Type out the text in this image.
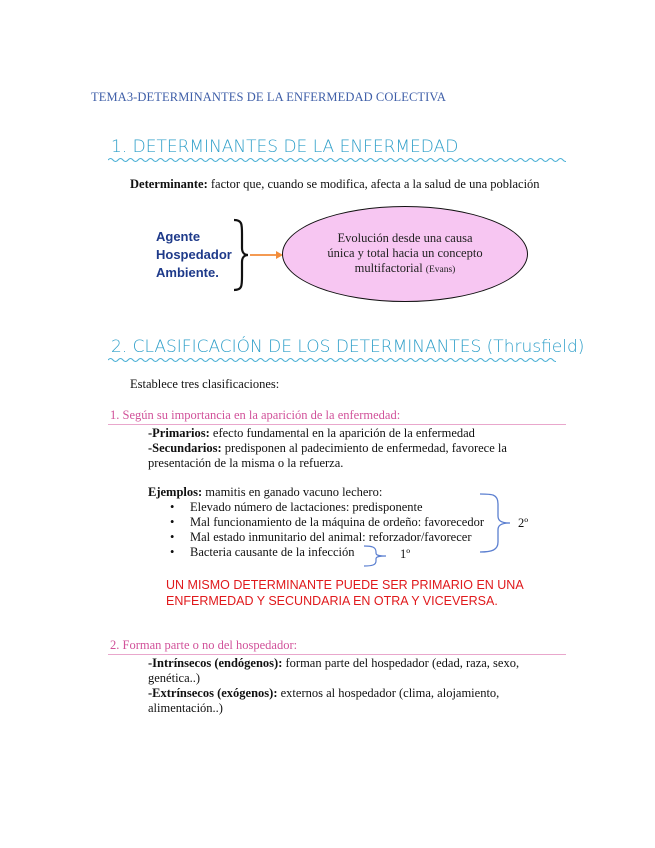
TEMA3-DETERMINANTES DE LA ENFERMEDAD COLECTIVA
1. DETERMINANTES DE LA ENFERMEDAD
Determinante: factor que, cuando se modifica, afecta a la salud de una población
Agente
Hospedador
Ambiente.
Evolución desde una causa
única y total hacia un concepto
multifactorial (Evans)
2. CLASIFICACIÓN DE LOS DETERMINANTES (Thrusfield)
Establece tres clasificaciones:
1. Según su importancia en la aparición de la enfermedad:
-Primarios: efecto fundamental en la aparición de la enfermedad
-Secundarios: predisponen al padecimiento de enfermedad, favorece la
presentación de la misma o la refuerza.
Ejemplos: mamitis en ganado vacuno lechero:
• Elevado número de lactaciones: predisponente
• Mal funcionamiento de la máquina de ordeño: favorecedor
• Mal estado inmunitario del animal: reforzador/favorecer
• Bacteria causante de la infección
2º
1º
UN MISMO DETERMINANTE PUEDE SER PRIMARIO EN UNA
ENFERMEDAD Y SECUNDARIA EN OTRA Y VICEVERSA.
2. Forman parte o no del hospedador:
-Intrínsecos (endógenos): forman parte del hospedador (edad, raza, sexo,
genética..)
-Extrínsecos (exógenos): externos al hospedador (clima, alojamiento,
alimentación..)
